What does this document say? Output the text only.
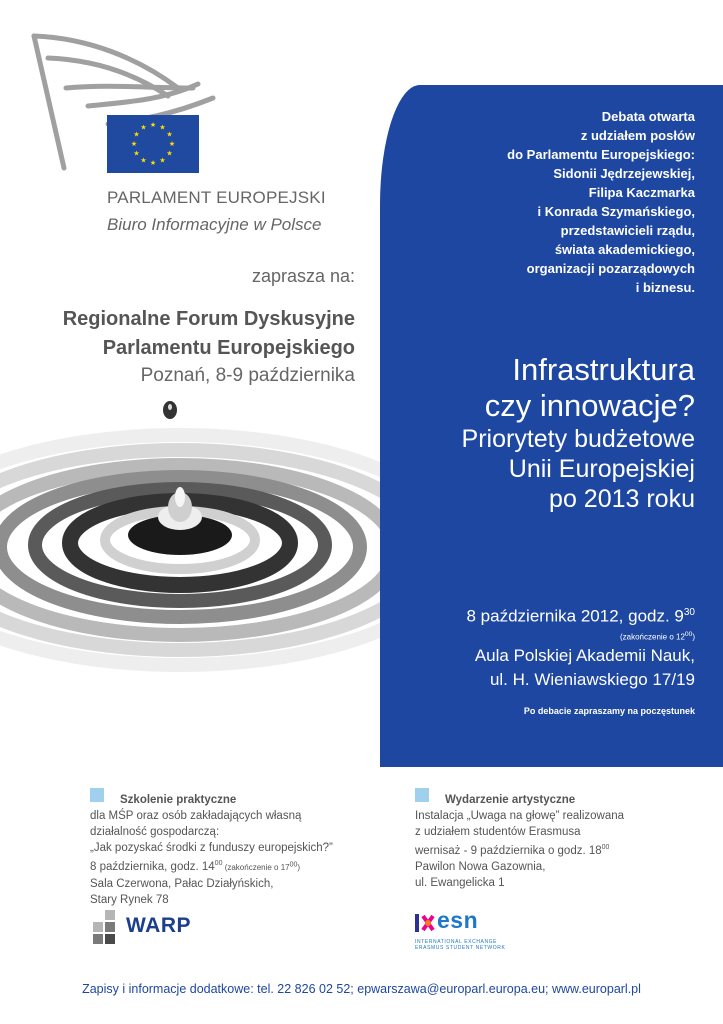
★ ★
★
★
★
★
★
★
★
★
★
★
PARLAMENT EUROPEJSKI
Biuro Informacyjne w Polsce
zaprasza na:
Regionalne Forum Dyskusyjne
Parlamentu Europejskiego
Poznań, 8-9 października
Debata otwarta
z udziałem posłów
do Parlamentu Europejskiego:
Sidonii Jędrzejewskiej,
Filipa Kaczmarka
i Konrada Szymańskiego,
przedstawicieli rządu,
świata akademickiego,
organizacji pozarządowych
i biznesu.
Infrastruktura
czy innowacje?
Priorytety budżetowe
Unii Europejskiej
po 2013 roku
8 października 2012, godz. $9^{30}$
(zakończenie o $12^{00}$)
Aula Polskiej Akademii Nauk,
ul. H. Wieniawskiego 17/19
Po debacie zapraszamy na poczęstunek
Szkolenie praktyczne
dla MŚP oraz osób zakładających własną
działalność gospodarczą:
„Jak pozyskać środki z funduszy europejskich?”
8 października, godz. $14^{00}$ (zakończenie o $17^{00}$)
Sala Czerwona, Pałac Działyńskich,
Stary Rynek 78
Wydarzenie artystyczne
Instalacja „Uwaga na głowę” realizowana
z udziałem studentów Erasmusa
wernisaż - 9 października o godz. $18^{00}$
Pawilon Nowa Gazownia,
ul. Ewangelicka 1
WARP	esn
INTERNATIONAL EXCHANGE
ERASMUS STUDENT NETWORK
Zapisy i informacje dodatkowe: tel. 22 826 02 52; epwarszawa@europarl.europa.eu; www.europarl.pl
